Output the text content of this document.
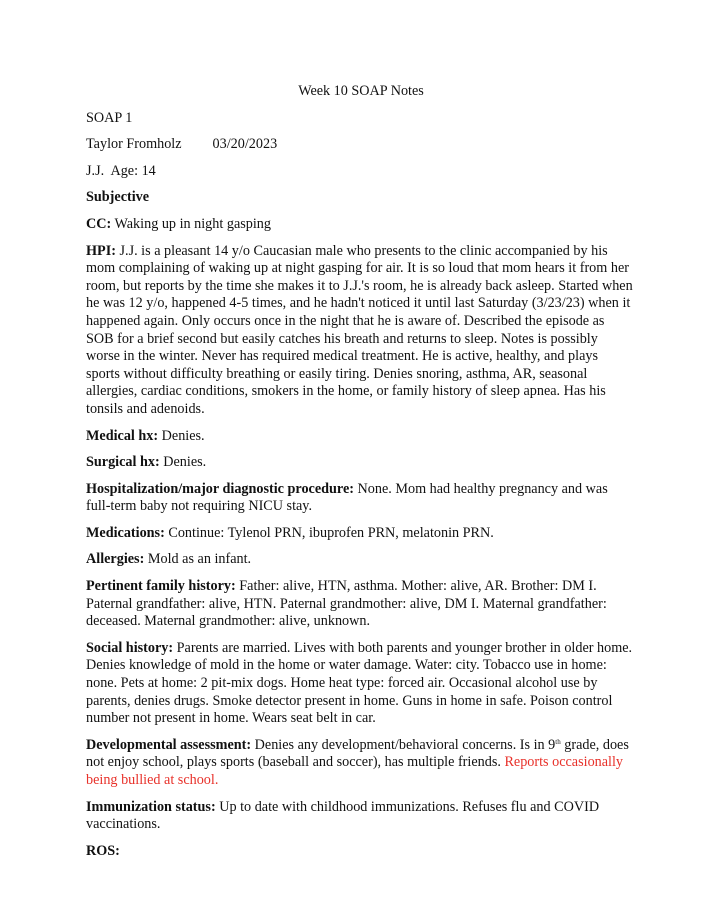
Week 10 SOAP Notes

SOAP 1

Taylor Fromholz 03/20/2023

J.J. Age: 14

Subjective

CC: Waking up in night gasping

HPI: J.J. is a pleasant 14 y/o Caucasian male who presents to the clinic accompanied by his mom complaining of waking up at night gasping for air. It is so loud that mom hears it from her room, but reports by the time she makes it to J.J.'s room, he is already back asleep. Started when he was 12 y/o, happened 4-5 times, and he hadn't noticed it until last Saturday (3/23/23) when it happened again. Only occurs once in the night that he is aware of. Described the episode as SOB for a brief second but easily catches his breath and returns to sleep. Notes is possibly worse in the winter. Never has required medical treatment. He is active, healthy, and plays sports without difficulty breathing or easily tiring. Denies snoring, asthma, AR, seasonal allergies, cardiac conditions, smokers in the home, or family history of sleep apnea. Has his tonsils and adenoids.

Medical hx: Denies.

Surgical hx: Denies.

Hospitalization/major diagnostic procedure: None. Mom had healthy pregnancy and was full-term baby not requiring NICU stay.

Medications: Continue: Tylenol PRN, ibuprofen PRN, melatonin PRN.

Allergies: Mold as an infant.

Pertinent family history: Father: alive, HTN, asthma. Mother: alive, AR. Brother: DM I. Paternal grandfather: alive, HTN. Paternal grandmother: alive, DM I. Maternal grandfather: deceased. Maternal grandmother: alive, unknown.

Social history: Parents are married. Lives with both parents and younger brother in older home. Denies knowledge of mold in the home or water damage. Water: city. Tobacco use in home: none. Pets at home: 2 pit-mix dogs. Home heat type: forced air. Occasional alcohol use by parents, denies drugs. Smoke detector present in home. Guns in home in safe. Poison control number not present in home. Wears seat belt in car.

Developmental assessment: Denies any development/behavioral concerns. Is in 9th grade, does not enjoy school, plays sports (baseball and soccer), has multiple friends. Reports occasionally being bullied at school.

Immunization status: Up to date with childhood immunizations. Refuses flu and COVID vaccinations.

ROS:
